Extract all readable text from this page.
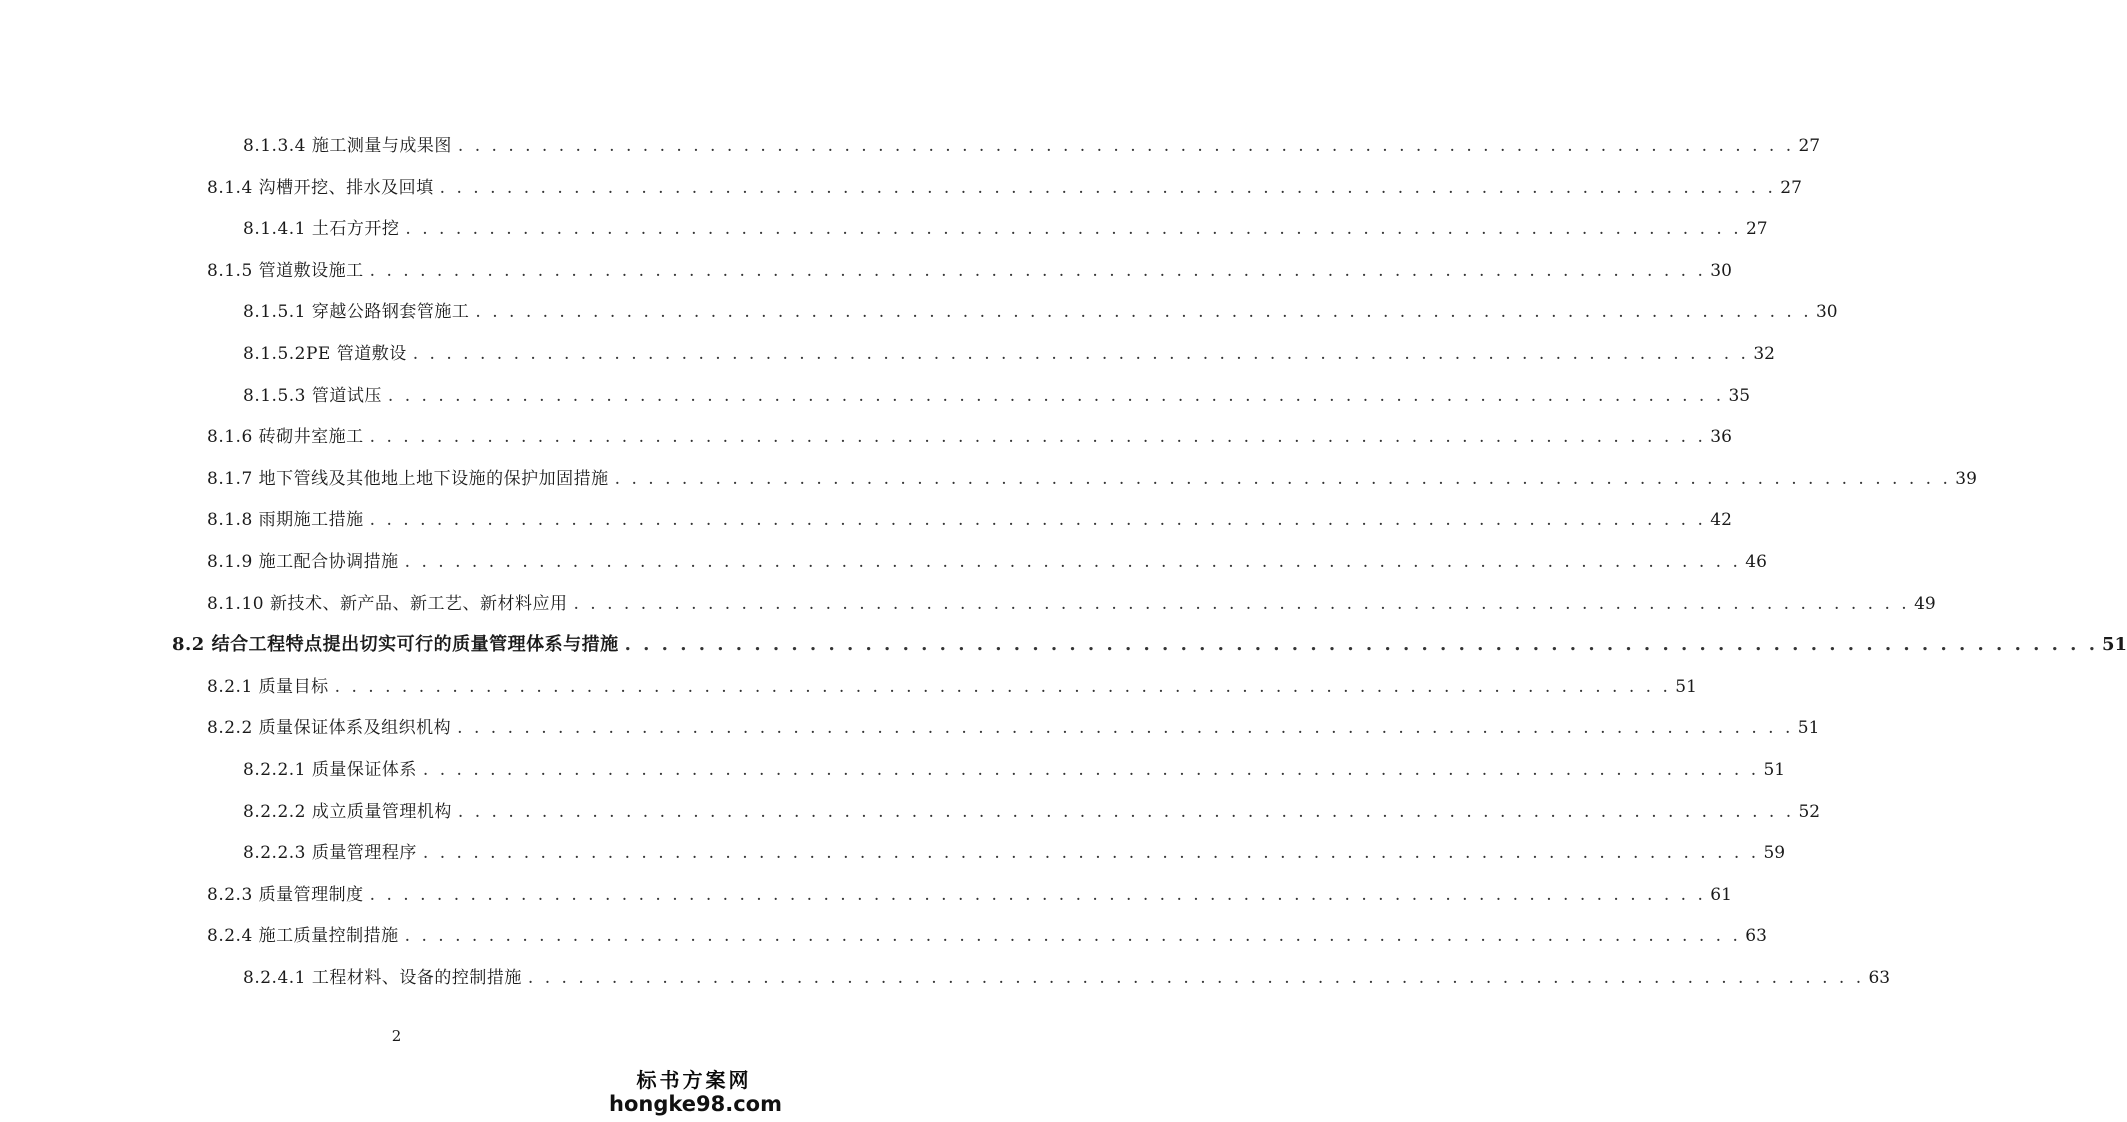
8.1.3.4 施工测量与成果图 . . . . . . . . . . . . . . . . . . . . . . . . . . . . . . . . . . . . . . . . . . . . . . . . . . . . . . . . . . . . . . . . . . . . . . . . . . . . . . . . 27
8.1.4 沟槽开挖、排水及回填 . . . . . . . . . . . . . . . . . . . . . . . . . . . . . . . . . . . . . . . . . . . . . . . . . . . . . . . . . . . . . . . . . . . . . . . . . . . . . . . . 27
8.1.4.1 土石方开挖 . . . . . . . . . . . . . . . . . . . . . . . . . . . . . . . . . . . . . . . . . . . . . . . . . . . . . . . . . . . . . . . . . . . . . . . . . . . . . . . . 27
8.1.5 管道敷设施工 . . . . . . . . . . . . . . . . . . . . . . . . . . . . . . . . . . . . . . . . . . . . . . . . . . . . . . . . . . . . . . . . . . . . . . . . . . . . . . . . 30
8.1.5.1 穿越公路钢套管施工 . . . . . . . . . . . . . . . . . . . . . . . . . . . . . . . . . . . . . . . . . . . . . . . . . . . . . . . . . . . . . . . . . . . . . . . . . . . . . . . . 30
8.1.5.2PE 管道敷设 . . . . . . . . . . . . . . . . . . . . . . . . . . . . . . . . . . . . . . . . . . . . . . . . . . . . . . . . . . . . . . . . . . . . . . . . . . . . . . . . 32
8.1.5.3 管道试压 . . . . . . . . . . . . . . . . . . . . . . . . . . . . . . . . . . . . . . . . . . . . . . . . . . . . . . . . . . . . . . . . . . . . . . . . . . . . . . . . 35
8.1.6 砖砌井室施工 . . . . . . . . . . . . . . . . . . . . . . . . . . . . . . . . . . . . . . . . . . . . . . . . . . . . . . . . . . . . . . . . . . . . . . . . . . . . . . . . 36
8.1.7 地下管线及其他地上地下设施的保护加固措施 . . . . . . . . . . . . . . . . . . . . . . . . . . . . . . . . . . . . . . . . . . . . . . . . . . . . . . . . . . . . . . . . . . . . . . . . . . . . . . . . 39
8.1.8 雨期施工措施 . . . . . . . . . . . . . . . . . . . . . . . . . . . . . . . . . . . . . . . . . . . . . . . . . . . . . . . . . . . . . . . . . . . . . . . . . . . . . . . . 42
8.1.9 施工配合协调措施 . . . . . . . . . . . . . . . . . . . . . . . . . . . . . . . . . . . . . . . . . . . . . . . . . . . . . . . . . . . . . . . . . . . . . . . . . . . . . . . . 46
8.1.10 新技术、新产品、新工艺、新材料应用 . . . . . . . . . . . . . . . . . . . . . . . . . . . . . . . . . . . . . . . . . . . . . . . . . . . . . . . . . . . . . . . . . . . . . . . . . . . . . . . . 49
8.2 结合工程特点提出切实可行的质量管理体系与措施 . . . . . . . . . . . . . . . . . . . . . . . . . . . . . . . . . . . . . . . . . . . . . . . . . . . . . . . . . . . . . . . . . . . . . . . . . . . . . . . . 51
8.2.1 质量目标 . . . . . . . . . . . . . . . . . . . . . . . . . . . . . . . . . . . . . . . . . . . . . . . . . . . . . . . . . . . . . . . . . . . . . . . . . . . . . . . . 51
8.2.2 质量保证体系及组织机构 . . . . . . . . . . . . . . . . . . . . . . . . . . . . . . . . . . . . . . . . . . . . . . . . . . . . . . . . . . . . . . . . . . . . . . . . . . . . . . . . 51
8.2.2.1 质量保证体系 . . . . . . . . . . . . . . . . . . . . . . . . . . . . . . . . . . . . . . . . . . . . . . . . . . . . . . . . . . . . . . . . . . . . . . . . . . . . . . . . 51
8.2.2.2 成立质量管理机构 . . . . . . . . . . . . . . . . . . . . . . . . . . . . . . . . . . . . . . . . . . . . . . . . . . . . . . . . . . . . . . . . . . . . . . . . . . . . . . . . 52
8.2.2.3 质量管理程序 . . . . . . . . . . . . . . . . . . . . . . . . . . . . . . . . . . . . . . . . . . . . . . . . . . . . . . . . . . . . . . . . . . . . . . . . . . . . . . . . 59
8.2.3 质量管理制度 . . . . . . . . . . . . . . . . . . . . . . . . . . . . . . . . . . . . . . . . . . . . . . . . . . . . . . . . . . . . . . . . . . . . . . . . . . . . . . . . 61
8.2.4 施工质量控制措施 . . . . . . . . . . . . . . . . . . . . . . . . . . . . . . . . . . . . . . . . . . . . . . . . . . . . . . . . . . . . . . . . . . . . . . . . . . . . . . . . 63
8.2.4.1 工程材料、设备的控制措施 . . . . . . . . . . . . . . . . . . . . . . . . . . . . . . . . . . . . . . . . . . . . . . . . . . . . . . . . . . . . . . . . . . . . . . . . . . . . . . . . 63
2
标书方案网
hongke98.com
